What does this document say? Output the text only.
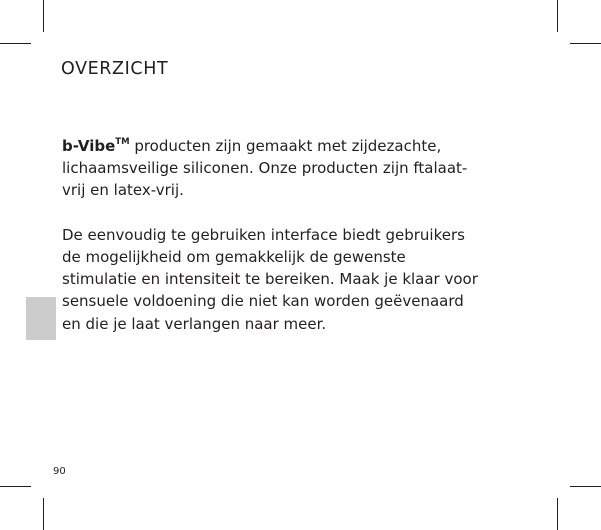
OVERZICHT

b-Vibe™ producten zijn gemaakt met zijdezachte,
lichaamsveilige siliconen. Onze producten zijn ftalaat-
vrij en latex-vrij.

De eenvoudig te gebruiken interface biedt gebruikers
de mogelijkheid om gemakkelijk de gewenste
stimulatie en intensiteit te bereiken. Maak je klaar voor
sensuele voldoening die niet kan worden geëvenaard
en die je laat verlangen naar meer.

90
